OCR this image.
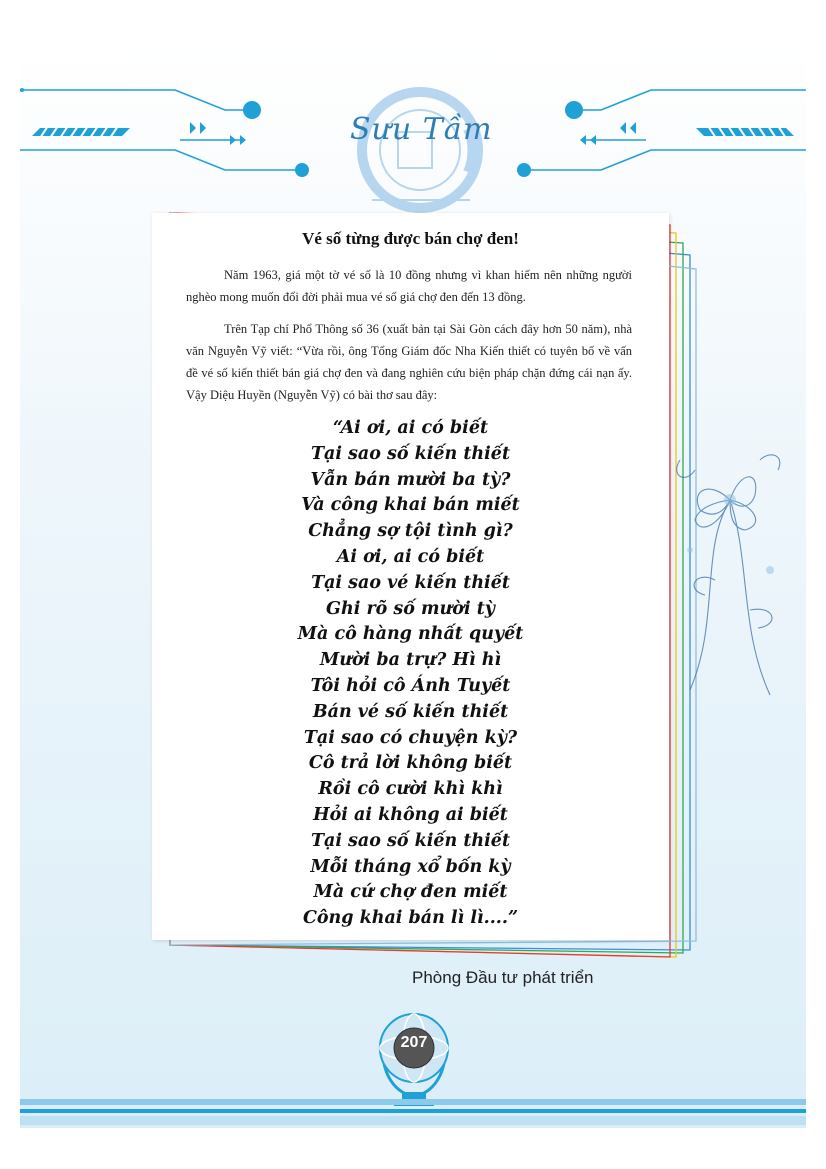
Sưu Tầm
Vé số từng được bán chợ đen!

Năm 1963, giá một tờ vé số là 10 đồng nhưng vì khan hiếm nên những người nghèo mong muốn đổi đời phải mua vé số giá chợ đen đến 13 đồng.

Trên Tạp chí Phổ Thông số 36 (xuất bản tại Sài Gòn cách đây hơn 50 năm), nhà văn Nguyễn Vỹ viết: “Vừa rồi, ông Tổng Giám đốc Nha Kiến thiết có tuyên bố về vấn đề vé số kiến thiết bán giá chợ đen và đang nghiên cứu biện pháp chặn đứng cái nạn ấy. Vậy Diệu Huyền (Nguyễn Vỹ) có bài thơ sau đây:

“Ai ơi, ai có biết
Tại sao số kiến thiết
Vẫn bán mười ba tỳ?
Và công khai bán miết
Chẳng sợ tội tình gì?
Ai ơi, ai có biết
Tại sao vé kiến thiết
Ghi rõ số mười tỳ
Mà cô hàng nhất quyết
Mười ba trự? Hì hì
Tôi hỏi cô Ánh Tuyết
Bán vé số kiến thiết
Tại sao có chuyện kỳ?
Cô trả lời không biết
Rồi cô cười khì khì
Hỏi ai không ai biết
Tại sao số kiến thiết
Mỗi tháng xổ bốn kỳ
Mà cứ chợ đen miết
Công khai bán lì lì....”
Phòng Đầu tư phát triển
207
